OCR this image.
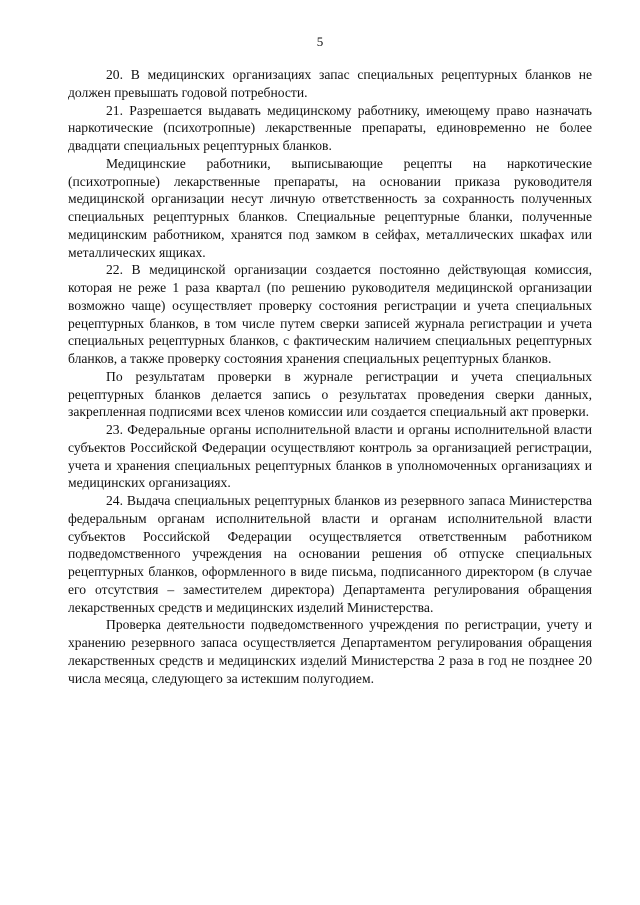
5

20. В медицинских организациях запас специальных рецептурных бланков не должен превышать годовой потребности.

21. Разрешается выдавать медицинскому работнику, имеющему право назначать наркотические (психотропные) лекарственные препараты, единовременно не более двадцати специальных рецептурных бланков.

Медицинские работники, выписывающие рецепты на наркотические (психотропные) лекарственные препараты, на основании приказа руководителя медицинской организации несут личную ответственность за сохранность полученных специальных рецептурных бланков. Специальные рецептурные бланки, полученные медицинским работником, хранятся под замком в сейфах, металлических шкафах или металлических ящиках.

22. В медицинской организации создается постоянно действующая комиссия, которая не реже 1 раза квартал (по решению руководителя медицинской организации возможно чаще) осуществляет проверку состояния регистрации и учета специальных рецептурных бланков, в том числе путем сверки записей журнала регистрации и учета специальных рецептурных бланков, с фактическим наличием специальных рецептурных бланков, а также проверку состояния хранения специальных рецептурных бланков.

По результатам проверки в журнале регистрации и учета специальных рецептурных бланков делается запись о результатах проведения сверки данных, закрепленная подписями всех членов комиссии или создается специальный акт проверки.

23. Федеральные органы исполнительной власти и органы исполнительной власти субъектов Российской Федерации осуществляют контроль за организацией регистрации, учета и хранения специальных рецептурных бланков в уполномоченных организациях и медицинских организациях.

24. Выдача специальных рецептурных бланков из резервного запаса Министерства федеральным органам исполнительной власти и органам исполнительной власти субъектов Российской Федерации осуществляется ответственным работником подведомственного учреждения на основании решения об отпуске специальных рецептурных бланков, оформленного в виде письма, подписанного директором (в случае его отсутствия – заместителем директора) Департамента регулирования обращения лекарственных средств и медицинских изделий Министерства.

Проверка деятельности подведомственного учреждения по регистрации, учету и хранению резервного запаса осуществляется Департаментом регулирования обращения лекарственных средств и медицинских изделий Министерства 2 раза в год не позднее 20 числа месяца, следующего за истекшим полугодием.
